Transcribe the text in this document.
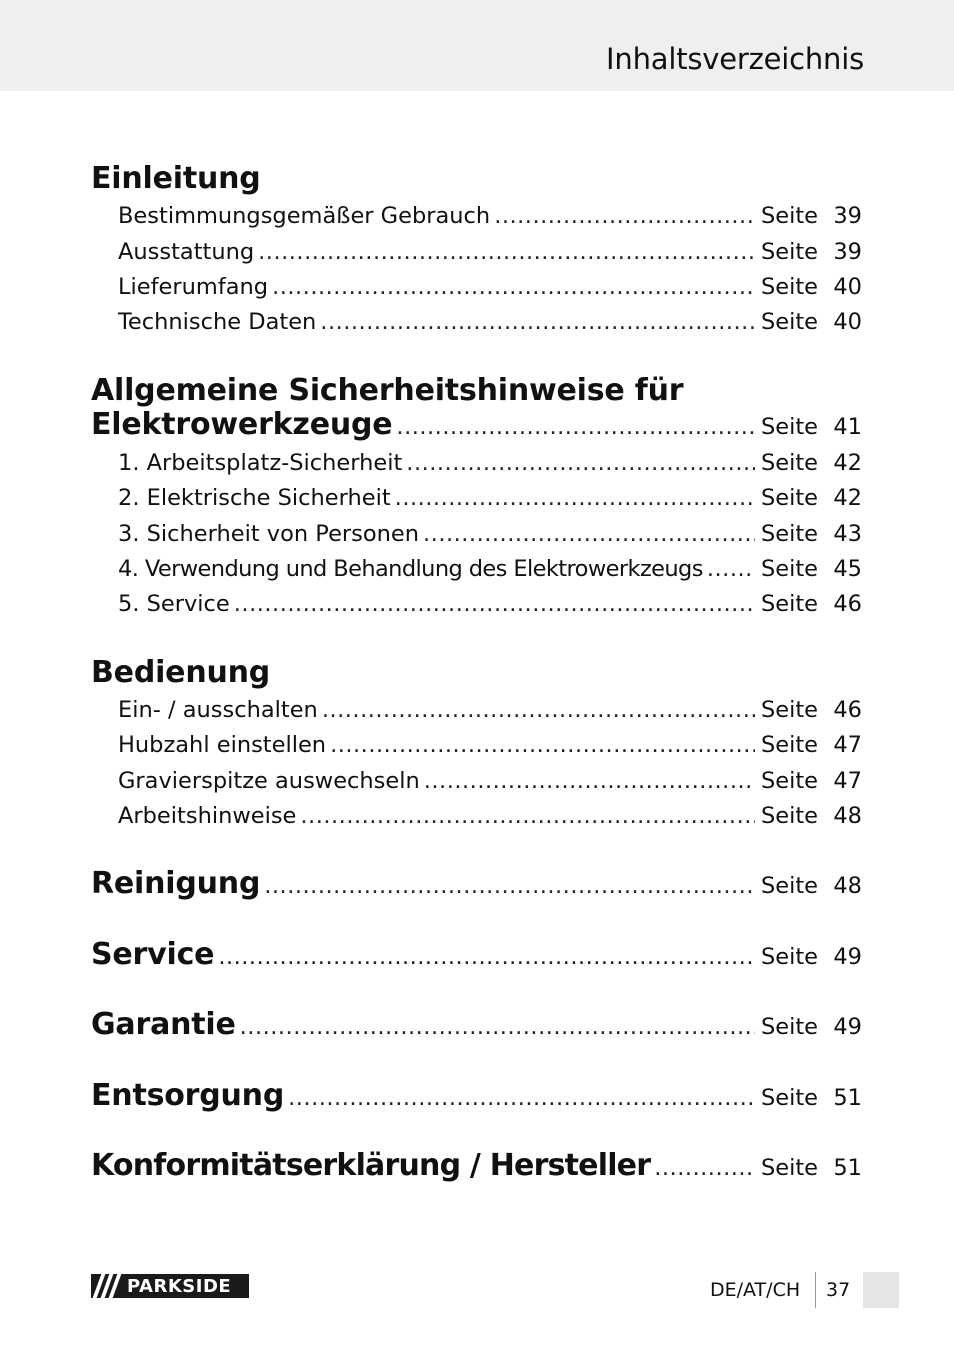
Inhaltsverzeichnis
Einleitung
Bestimmungsgemäßer Gebrauch .....	Seite 39
Ausstattung .....	Seite 39
Lieferumfang .....	Seite 40
Technische Daten .....	Seite 40
Allgemeine Sicherheitshinweise für
Elektrowerkzeuge .....	Seite 41
1. Arbeitsplatz-Sicherheit .....	Seite 42
2. Elektrische Sicherheit .....	Seite 42
3. Sicherheit von Personen .....	Seite 43
4. Verwendung und Behandlung des Elektrowerkzeugs .....	Seite 45
5. Service .....	Seite 46
Bedienung
Ein- / ausschalten .....	Seite 46
Hubzahl einstellen .....	Seite 47
Gravierspitze auswechseln .....	Seite 47
Arbeitshinweise .....	Seite 48
Reinigung .....	Seite 48
Service .....	Seite 49
Garantie .....	Seite 49
Entsorgung .....	Seite 51
Konformitätserklärung / Hersteller .....	Seite 51
PARKSIDE	DE/AT/CH 37
